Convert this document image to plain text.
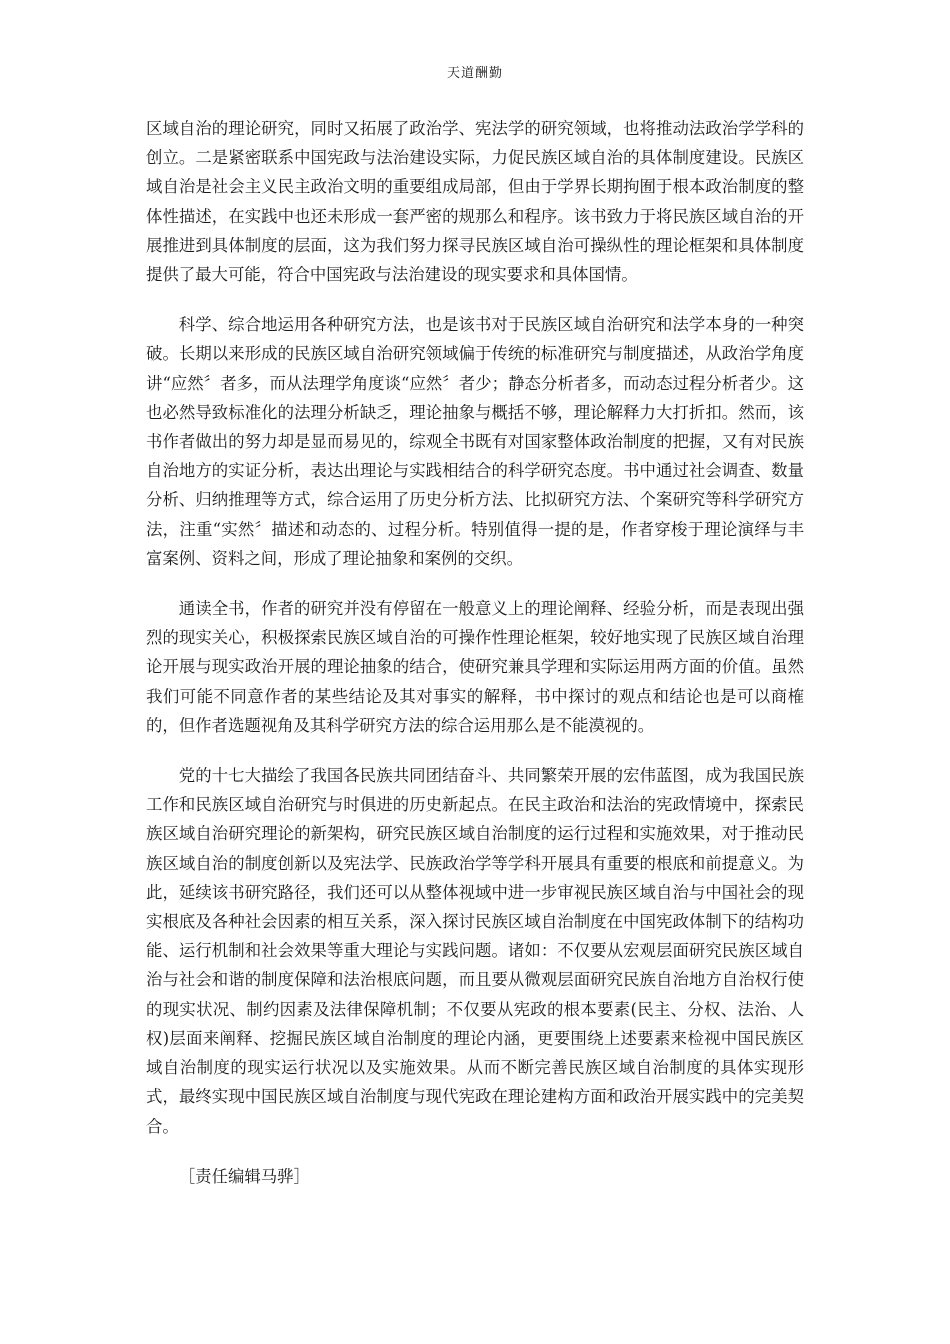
天道酬勤

区域自治的理论研究，同时又拓展了政治学、宪法学的研究领域，也将推动法政治学学科的创立。二是紧密联系中国宪政与法治建设实际，力促民族区域自治的具体制度建设。民族区域自治是社会主义民主政治文明的重要组成局部，但由于学界长期拘囿于根本政治制度的整体性描述，在实践中也还未形成一套严密的规那么和程序。该书致力于将民族区域自治的开展推进到具体制度的层面，这为我们努力探寻民族区域自治可操纵性的理论框架和具体制度提供了最大可能，符合中国宪政与法治建设的现实要求和具体国情。

科学、综合地运用各种研究方法，也是该书对于民族区域自治研究和法学本身的一种突破。长期以来形成的民族区域自治研究领域偏于传统的标准研究与制度描述，从政治学角度讲“应然〞者多，而从法理学角度谈“应然〞者少；静态分析者多，而动态过程分析者少。这也必然导致标准化的法理分析缺乏，理论抽象与概括不够，理论解释力大打折扣。然而，该书作者做出的努力却是显而易见的，综观全书既有对国家整体政治制度的把握，又有对民族自治地方的实证分析，表达出理论与实践相结合的科学研究态度。书中通过社会调查、数量分析、归纳推理等方式，综合运用了历史分析方法、比拟研究方法、个案研究等科学研究方法，注重“实然〞描述和动态的、过程分析。特别值得一提的是，作者穿梭于理论演绎与丰富案例、资料之间，形成了理论抽象和案例的交织。

通读全书，作者的研究并没有停留在一般意义上的理论阐释、经验分析，而是表现出强烈的现实关心，积极探索民族区域自治的可操作性理论框架，较好地实现了民族区域自治理论开展与现实政治开展的理论抽象的结合，使研究兼具学理和实际运用两方面的价值。虽然我们可能不同意作者的某些结论及其对事实的解释，书中探讨的观点和结论也是可以商榷的，但作者选题视角及其科学研究方法的综合运用那么是不能漠视的。

党的十七大描绘了我国各民族共同团结奋斗、共同繁荣开展的宏伟蓝图，成为我国民族工作和民族区域自治研究与时俱进的历史新起点。在民主政治和法治的宪政情境中，探索民族区域自治研究理论的新架构，研究民族区域自治制度的运行过程和实施效果，对于推动民族区域自治的制度创新以及宪法学、民族政治学等学科开展具有重要的根底和前提意义。为此，延续该书研究路径，我们还可以从整体视域中进一步审视民族区域自治与中国社会的现实根底及各种社会因素的相互关系，深入探讨民族区域自治制度在中国宪政体制下的结构功能、运行机制和社会效果等重大理论与实践问题。诸如：不仅要从宏观层面研究民族区域自治与社会和谐的制度保障和法治根底问题，而且要从微观层面研究民族自治地方自治权行使的现实状况、制约因素及法律保障机制；不仅要从宪政的根本要素(民主、分权、法治、人权)层面来阐释、挖掘民族区域自治制度的理论内涵，更要围绕上述要素来检视中国民族区域自治制度的现实运行状况以及实施效果。从而不断完善民族区域自治制度的具体实现形式，最终实现中国民族区域自治制度与现代宪政在理论建构方面和政治开展实践中的完美契合。

［责任编辑马骅］
